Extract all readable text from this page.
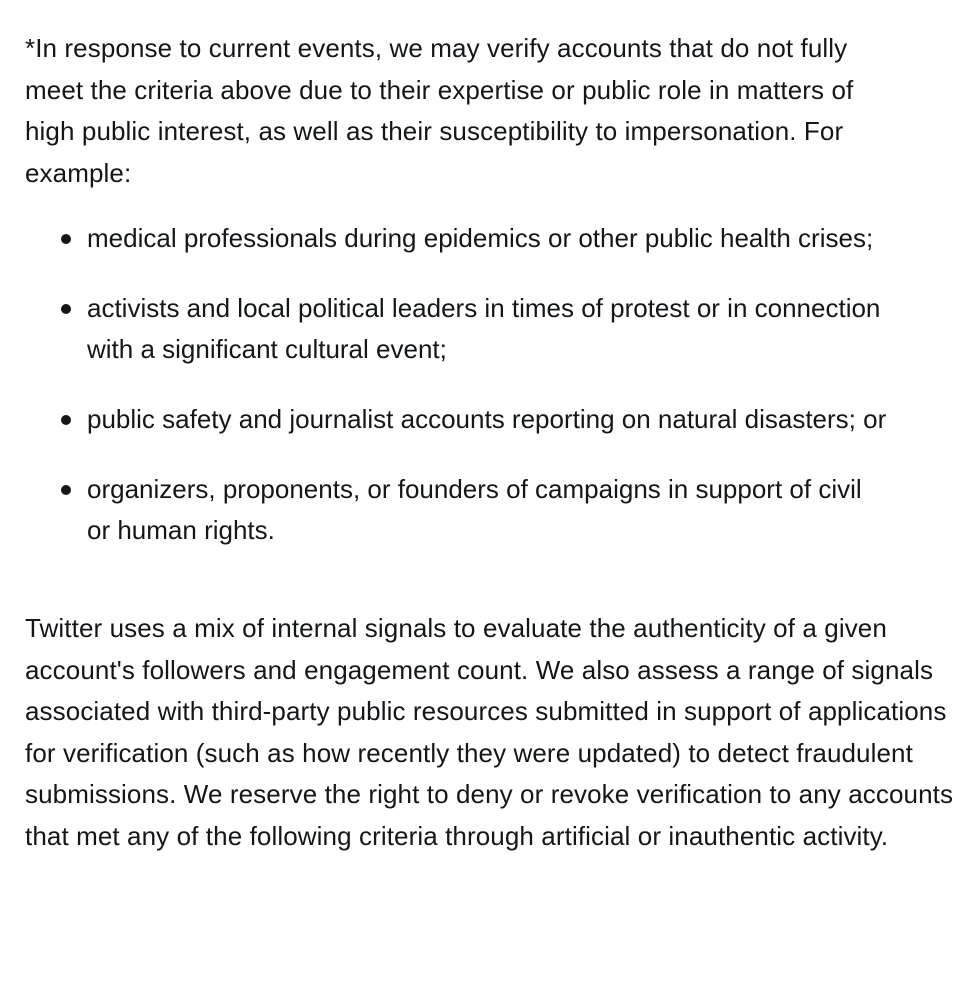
*In response to current events, we may verify accounts that do not fully meet the criteria above due to their expertise or public role in matters of high public interest, as well as their susceptibility to impersonation. For example:

medical professionals during epidemics or other public health crises;
activists and local political leaders in times of protest or in connection with a significant cultural event;
public safety and journalist accounts reporting on natural disasters; or
organizers, proponents, or founders of campaigns in support of civil or human rights.

Twitter uses a mix of internal signals to evaluate the authenticity of a given account's followers and engagement count. We also assess a range of signals associated with third-party public resources submitted in support of applications for verification (such as how recently they were updated) to detect fraudulent submissions. We reserve the right to deny or revoke verification to any accounts that met any of the following criteria through artificial or inauthentic activity.
